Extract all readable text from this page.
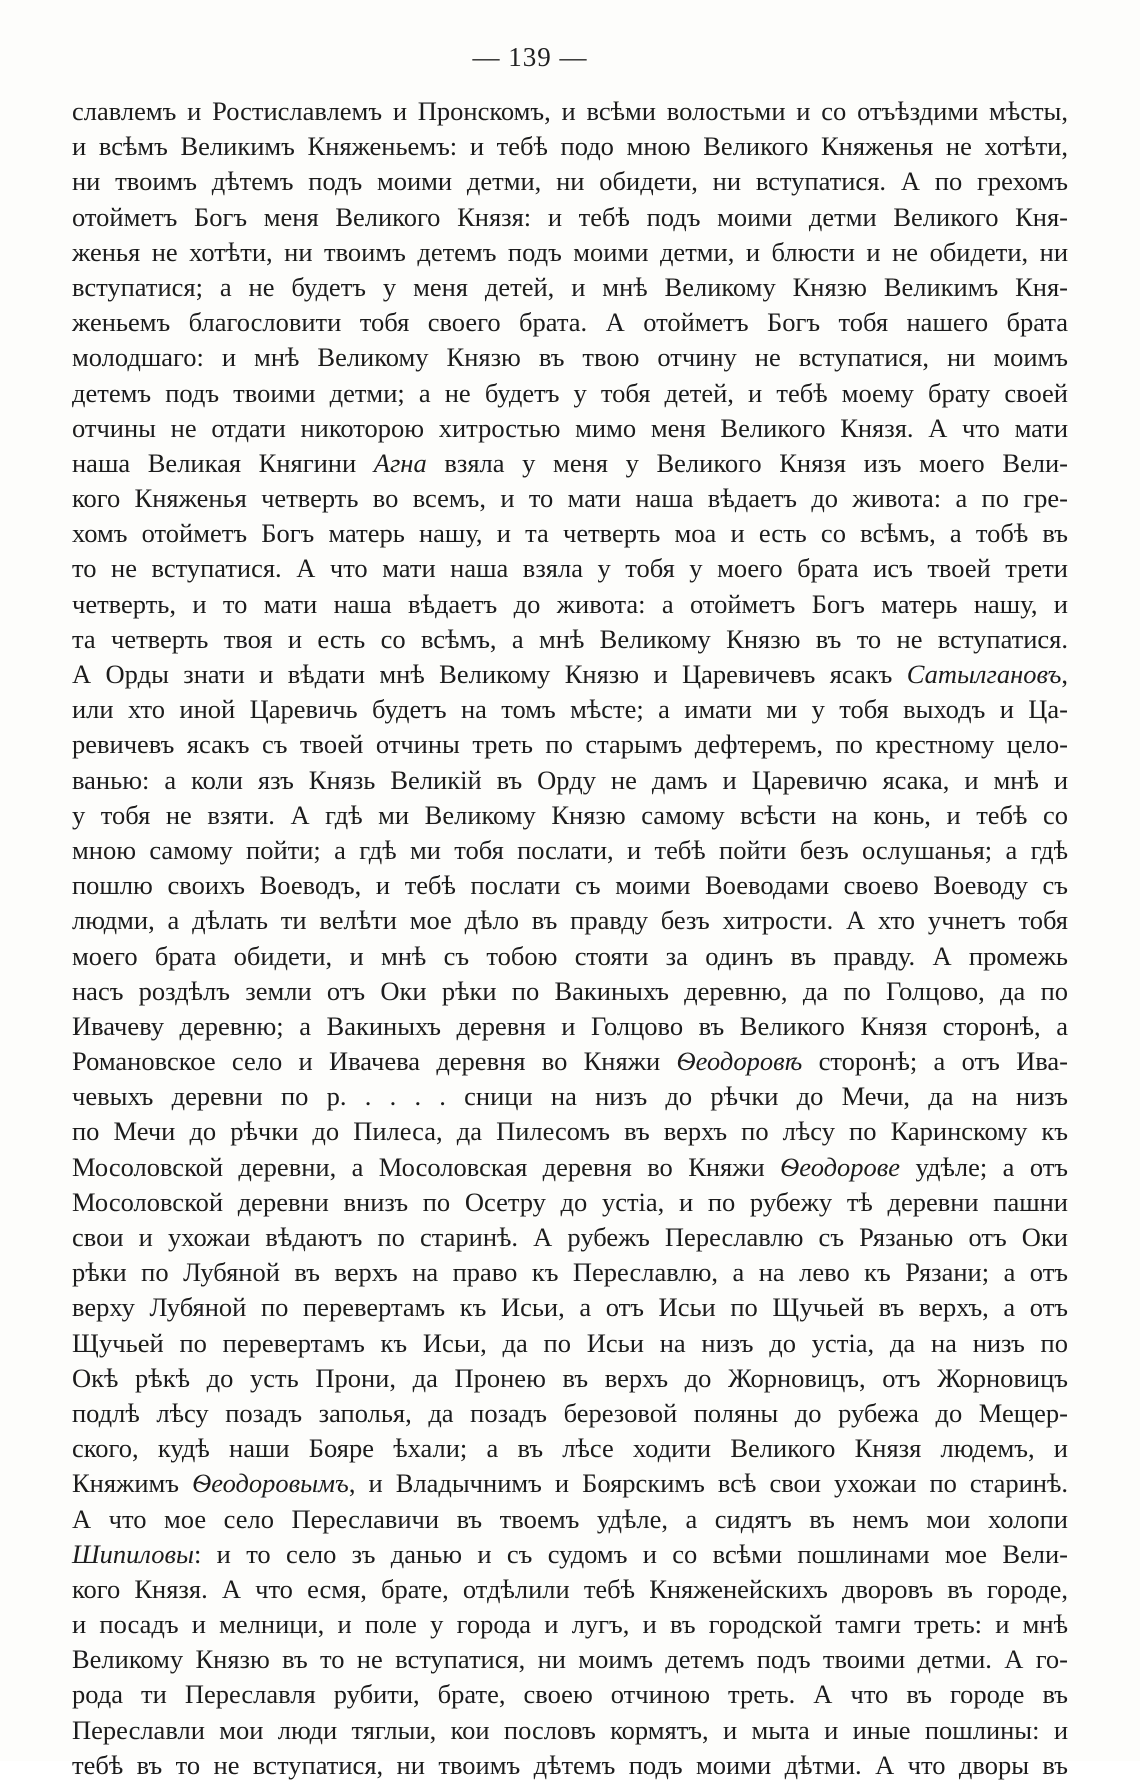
— 139 —
славлемъ и Ростиславлемъ и Пронскомъ, и всѣми волостьми и со отъѣздими мѣсты,
и всѣмъ Великимъ Княженьемъ: и тебѣ подо мною Великого Княженья не хотѣти,
ни твоимъ дѣтемъ подъ моими детми, ни обидети, ни вступатися. А по грехомъ
отойметъ Богъ меня Великого Князя: и тебѣ подъ моими детми Великого Кня-
женья не хотѣти, ни твоимъ детемъ подъ моими детми, и блюсти и не обидети, ни
вступатися; а не будетъ у меня детей, и мнѣ Великому Князю Великимъ Кня-
женьемъ благословити тобя своего брата. А отойметъ Богъ тобя нашего брата
молодшаго: и мнѣ Великому Князю въ твою отчину не вступатися, ни моимъ
детемъ подъ твоими детми; а не будетъ у тобя детей, и тебѣ моему брату своей
отчины не отдати никоторою хитростью мимо меня Великого Князя. А что мати
наша Великая Княгини Агна взяла у меня у Великого Князя изъ моего Вели-
кого Княженья четверть во всемъ, и то мати наша вѣдаетъ до живота: а по гре-
хомъ отойметъ Богъ матерь нашу, и та четверть моа и есть со всѣмъ, а тобѣ въ
то не вступатися. А что мати наша взяла у тобя у моего брата исъ твоей трети
четверть, и то мати наша вѣдаетъ до живота: а отойметъ Богъ матерь нашу, и
та четверть твоя и есть со всѣмъ, а мнѣ Великому Князю въ то не вступатися.
А Орды знати и вѣдати мнѣ Великому Князю и Царевичевъ ясакъ Сатылгановъ,
или хто иной Царевичь будетъ на томъ мѣсте; а имати ми у тобя выходъ и Ца-
ревичевъ ясакъ съ твоей отчины треть по старымъ дефтеремъ, по крестному цело-
ванью: а коли язъ Князь Великій въ Орду не дамъ и Царевичю ясака, и мнѣ и
у тобя не взяти. А гдѣ ми Великому Князю самому всѣсти на конь, и тебѣ со
мною самому пойти; а гдѣ ми тобя послати, и тебѣ пойти безъ ослушанья; а гдѣ
пошлю своихъ Воеводъ, и тебѣ послати съ моими Воеводами своево Воеводу съ
людми, а дѣлать ти велѣти мое дѣло въ правду безъ хитрости. А хто учнетъ тобя
моего брата обидети, и мнѣ съ тобою стояти за одинъ въ правду. А промежь
насъ роздѣлъ земли отъ Оки рѣки по Вакиныхъ деревню, да по Голцово, да по
Ивачеву деревню; а Вакиныхъ деревня и Голцово въ Великого Князя сторонѣ, а
Романовское село и Ивачева деревня во Княжи Ѳеодоровѣ сторонѣ; а отъ Ива-
чевыхъ деревни по р. . . . . сници на низъ до рѣчки до Мечи, да на низъ
по Мечи до рѣчки до Пилеса, да Пилесомъ въ верхъ по лѣсу по Каринскому къ
Мосоловской деревни, а Мосоловская деревня во Княжи Ѳеодорове удѣле; а отъ
Мосоловской деревни внизъ по Осетру до устіа, и по рубежу тѣ деревни пашни
свои и ухожаи вѣдаютъ по старинѣ. А рубежъ Переславлю съ Рязанью отъ Оки
рѣки по Лубяной въ верхъ на право къ Переславлю, а на лево къ Рязани; а отъ
верху Лубяной по перевертамъ къ Исьи, а отъ Исьи по Щучьей въ верхъ, а отъ
Щучьей по перевертамъ къ Исьи, да по Исьи на низъ до устіа, да на низъ по
Окѣ рѣкѣ до усть Прони, да Пронею въ верхъ до Жорновицъ, отъ Жорновицъ
подлѣ лѣсу позадъ заполья, да позадъ березовой поляны до рубежа до Мещер-
ского, кудѣ наши Бояре ѣхали; а въ лѣсе ходити Великого Князя людемъ, и
Княжимъ Ѳеодоровымъ, и Владычнимъ и Боярскимъ всѣ свои ухожаи по старинѣ.
А что мое село Переславичи въ твоемъ удѣле, а сидятъ въ немъ мои холопи
Шипиловы: и то село зъ данью и съ судомъ и со всѣми пошлинами мое Вели-
кого Князя. А что есмя, брате, отдѣлили тебѣ Княженейскихъ дворовъ въ городе,
и посадъ и мелници, и поле у города и лугъ, и въ городской тамги треть: и мнѣ
Великому Князю въ то не вступатися, ни моимъ детемъ подъ твоими детми. А го-
рода ти Переславля рубити, брате, своею отчиною треть. А что въ городе въ
Переславли мои люди тяглыи, кои пословъ кормятъ, и мыта и иные пошлины: и
тебѣ въ то не вступатися, ни твоимъ дѣтемъ подъ моими дѣтми. А что дворы въ
